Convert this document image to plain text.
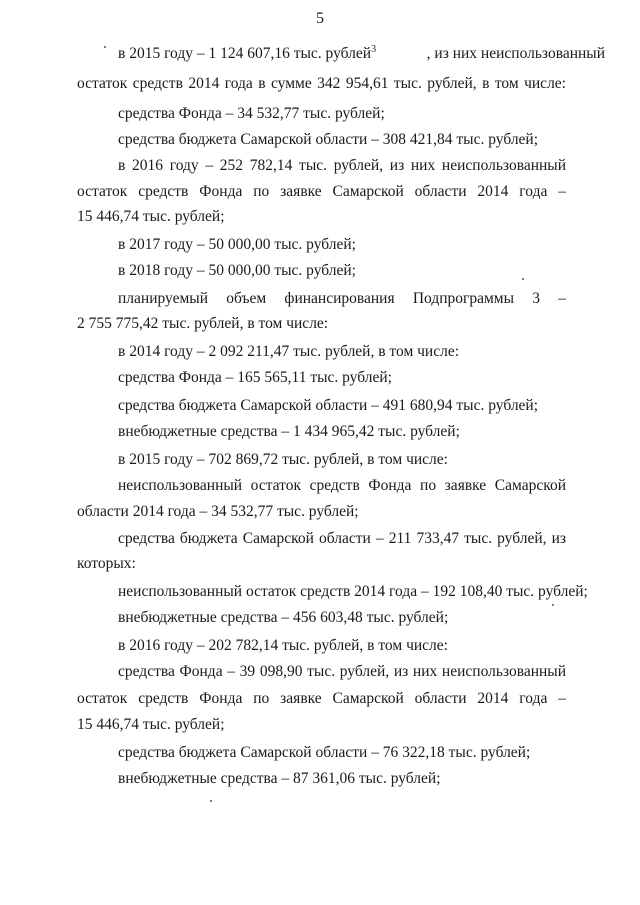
5
в 2015 году – 1 124 607,16 тыс. рублей$^3$	, из них неиспользованный
остаток средств 2014 года в сумме 342 954,61 тыс. рублей, в том числе:
средства Фонда – 34 532,77 тыс. рублей;
средства бюджета Самарской области – 308 421,84 тыс. рублей;
в 2016 году – 252 782,14 тыс. рублей, из них неиспользованный
остаток средств Фонда по заявке Самарской области 2014 года –
15 446,74 тыс. рублей;
в 2017 году – 50 000,00 тыс. рублей;
в 2018 году – 50 000,00 тыс. рублей;
планируемый объем финансирования Подпрограммы 3 –
2 755 775,42 тыс. рублей, в том числе:
в 2014 году – 2 092 211,47 тыс. рублей, в том числе:
средства Фонда – 165 565,11 тыс. рублей;
средства бюджета Самарской области – 491 680,94 тыс. рублей;
внебюджетные средства – 1 434 965,42 тыс. рублей;
в 2015 году – 702 869,72 тыс. рублей, в том числе:
неиспользованный остаток средств Фонда по заявке Самарской
области 2014 года – 34 532,77 тыс. рублей;
средства бюджета Самарской области – 211 733,47 тыс. рублей, из
которых:
неиспользованный остаток средств 2014 года – 192 108,40 тыс. рублей;
внебюджетные средства – 456 603,48 тыс. рублей;
в 2016 году – 202 782,14 тыс. рублей, в том числе:
средства Фонда – 39 098,90 тыс. рублей, из них неиспользованный
остаток средств Фонда по заявке Самарской области 2014 года –
15 446,74 тыс. рублей;
средства бюджета Самарской области – 76 322,18 тыс. рублей;
внебюджетные средства – 87 361,06 тыс. рублей;
